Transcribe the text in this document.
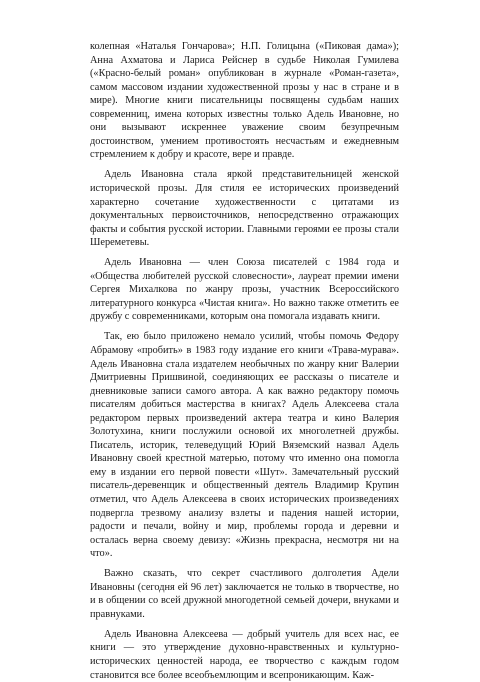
колепная «Наталья Гончарова»; Н.П. Голицына («Пиковая дама»); Анна Ахматова и Лариса Рейснер в судьбе Николая Гумилева («Красно-белый роман» опубликован в журнале «Роман-газета», самом массовом издании художественной прозы у нас в стране и в мире). Многие книги писательницы посвящены судьбам наших современниц, имена которых известны только Адель Ивановне, но они вызывают искреннее уважение своим безупречным достоинством, умением противостоять несчастьям и ежедневным стремлением к добру и красоте, вере и правде.

Адель Ивановна стала яркой представительницей женской исторической прозы. Для стиля ее исторических произведений характерно сочетание художественности с цитатами из документальных первоисточников, непосредственно отражающих факты и события русской истории. Главными героями ее прозы стали Шереметевы.

Адель Ивановна — член Союза писателей с 1984 года и «Общества любителей русской словесности», лауреат премии имени Сергея Михалкова по жанру прозы, участник Всероссийского литературного конкурса «Чистая книга». Но важно также отметить ее дружбу с современниками, которым она помогала издавать книги.

Так, ею было приложено немало усилий, чтобы помочь Федору Абрамову «пробить» в 1983 году издание его книги «Трава-мурава». Адель Ивановна стала издателем необычных по жанру книг Валерии Дмитриевны Пришвиной, соединяющих ее рассказы о писателе и дневниковые записи самого автора. А как важно редактору помочь писателям добиться мастерства в книгах? Адель Алексеева стала редактором первых произведений актера театра и кино Валерия Золотухина, книги послужили основой их многолетней дружбы. Писатель, историк, телеведущий Юрий Вяземский назвал Адель Ивановну своей крестной матерью, потому что именно она помогла ему в издании его первой повести «Шут». Замечательный русский писатель-деревенщик и общественный деятель Владимир Крупин отметил, что Адель Алексеева в своих исторических произведениях подвергла трезвому анализу взлеты и падения нашей истории, радости и печали, войну и мир, проблемы города и деревни и осталась верна своему девизу: «Жизнь прекрасна, несмотря ни на что».

Важно сказать, что секрет счастливого долголетия Адели Ивановны (сегодня ей 96 лет) заключается не только в творчестве, но и в общении со всей дружной многодетной семьей дочери, внуками и правнуками.

Адель Ивановна Алексеева — добрый учитель для всех нас, ее книги — это утверждение духовно-нравственных и культурно-исторических ценностей народа, ее творчество с каждым годом становится все более всеобъемлющим и всепроникающим. Каж-
